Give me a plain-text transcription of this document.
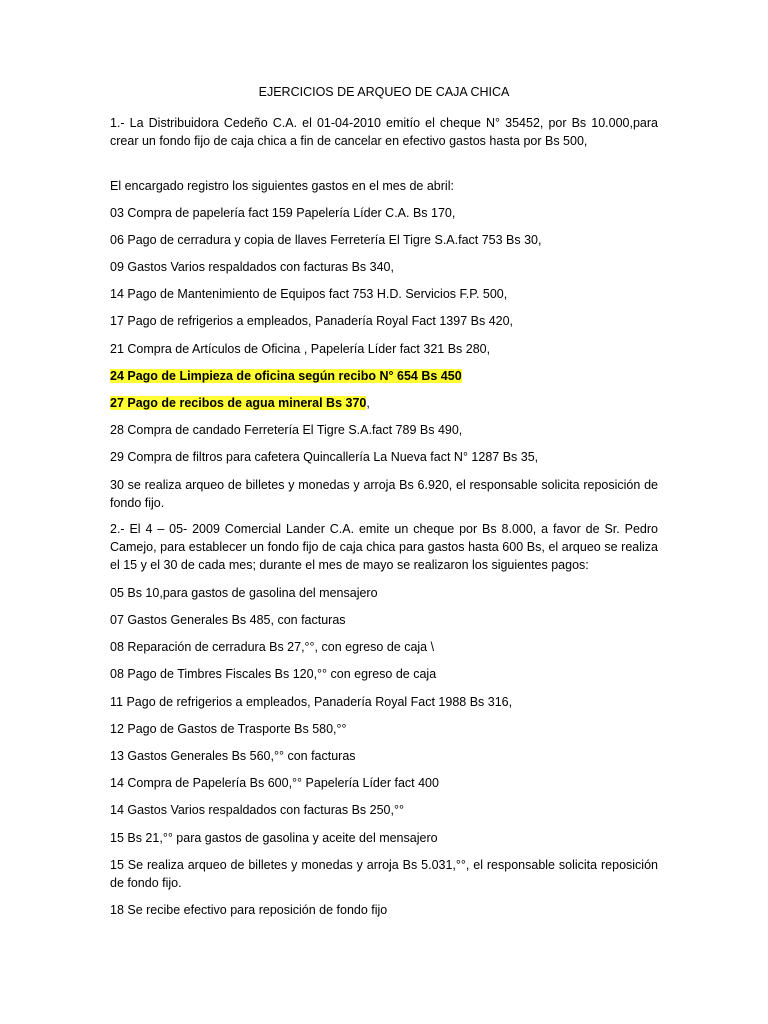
EJERCICIOS DE ARQUEO DE CAJA CHICA

1.- La Distribuidora Cedeño C.A. el 01-04-2010 emitío el cheque N° 35452, por Bs 10.000,para crear un fondo fijo de caja chica a fin de cancelar en efectivo gastos hasta por Bs 500,

El encargado registro los siguientes gastos en el mes de abril:

03 Compra de papelería fact 159 Papelería Líder C.A. Bs 170,

06 Pago de cerradura y copia de llaves Ferretería El Tigre S.A.fact 753 Bs 30,

09 Gastos Varios respaldados con facturas Bs 340,

14 Pago de Mantenimiento de Equipos fact 753 H.D. Servicios F.P. 500,

17 Pago de refrigerios a empleados, Panadería Royal Fact 1397 Bs 420,

21 Compra de Artículos de Oficina , Papelería Líder fact 321 Bs 280,

24 Pago de Limpieza de oficina según recibo N° 654 Bs 450

27 Pago de recibos de agua mineral Bs 370,

28 Compra de candado Ferretería El Tigre S.A.fact 789 Bs 490,

29 Compra de filtros para cafetera Quincallería La Nueva fact N° 1287 Bs 35,

30 se realiza arqueo de billetes y monedas y arroja Bs 6.920, el responsable solicita reposición de fondo fijo.

2.- El 4 – 05- 2009 Comercial Lander C.A. emite un cheque por Bs 8.000, a favor de Sr. Pedro Camejo, para establecer un fondo fijo de caja chica para gastos hasta 600 Bs, el arqueo se realiza el 15 y el 30 de cada mes; durante el mes de mayo se realizaron los siguientes pagos:

05 Bs 10,para gastos de gasolina del mensajero

07 Gastos Generales Bs 485, con facturas

08 Reparación de cerradura Bs 27,°°, con egreso de caja \

08 Pago de Timbres Fiscales Bs 120,°° con egreso de caja

11 Pago de refrigerios a empleados, Panadería Royal Fact 1988 Bs 316,

12 Pago de Gastos de Trasporte Bs 580,°°

13 Gastos Generales Bs 560,°° con facturas

14 Compra de Papelería Bs 600,°° Papelería Líder fact 400

14 Gastos Varios respaldados con facturas Bs 250,°°

15 Bs 21,°° para gastos de gasolina y aceite del mensajero

15 Se realiza arqueo de billetes y monedas y arroja Bs 5.031,°°, el responsable solicita reposición de fondo fijo.

18 Se recibe efectivo para reposición de fondo fijo
